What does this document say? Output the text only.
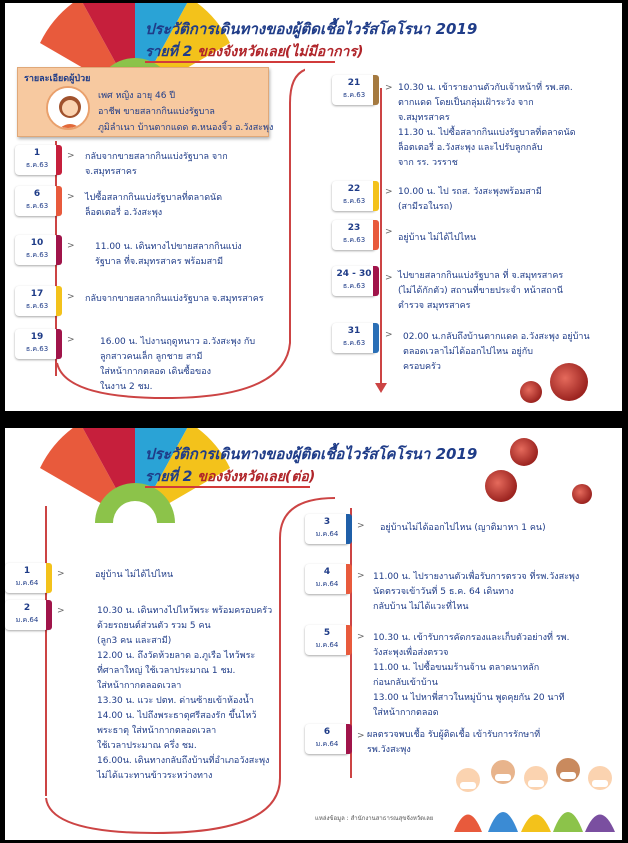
ประวัติการเดินทางของผู้ติดเชื้อไวรัสโคโรนา 2019
รายที่ 2 ของจังหวัดเลย(ไม่มีอาการ)
รายละเอียดผู้ป่วย
เพศ หญิง อายุ 46 ปี
อาชีพ ขายสลากกินแบ่งรัฐบาล
ภูมิลำเนา บ้านตากแดด ต.หนองจิ้ว อ.วังสะพุง
1
ธ.ค.63
> กลับจากขายสลากกินแบ่งรัฐบาล จาก
จ.สมุทรสาคร
6
ธ.ค.63
> ไปซื้อสลากกินแบ่งรัฐบาลที่ตลาดนัด
ล็อตเตอรี่ อ.วังสะพุง
10
ธ.ค.63
> 11.00 น. เดินทางไปขายสลากกินแบ่ง
รัฐบาล ที่จ.สมุทรสาคร พร้อมสามี
17
ธ.ค.63
> กลับจากขายสลากกินแบ่งรัฐบาล จ.สมุทรสาคร
19
ธ.ค.63
>	16.00 น. ไปงานฤดูหนาว อ.วังสะพุง กับ
ลูกสาวคนเล็ก ลูกชาย สามี
ใส่หน้ากากตลอด เดินซื้อของ
ในงาน 2 ชม.
21
ธ.ค.63
> 10.30 น. เข้ารายงานตัวกับเจ้าหน้าที่ รพ.สต.
ตากแดด โดยเป็นกลุ่มเฝ้าระวัง จาก
จ.สมุทรสาคร
11.30 น. ไปซื้อสลากกินแบ่งรัฐบาลที่ตลาดนัด
ล็อตเตอรี่ อ.วังสะพุง และไปรับลูกกลับ
จาก รร. วรราช
22
ธ.ค.63
> 10.00 น. ไป รถส. วังสะพุงพร้อมสามี
(สามีรอในรถ)
23
ธ.ค.63
>
อยู่บ้าน ไม่ได้ไปไหน
24 - 30
ธ.ค.63
> ไปขายสลากกินแบ่งรัฐบาล ที่ จ.สมุทรสาคร
(ไม่ได้กักตัว) สถานที่ขายประจำ หน้าสถานี
ตำรวจ สมุทรสาคร
31
ธ.ค.63
> 02.00 น.กลับถึงบ้านตากแดด อ.วังสะพุง อยู่บ้าน
ตลอดเวลาไม่ได้ออกไปไหน อยู่กับ
ครอบครัว
ประวัติการเดินทางของผู้ติดเชื้อไวรัสโคโรนา 2019
รายที่ 2 ของจังหวัดเลย(ต่อ)
1
ม.ค.64
>	อยู่บ้าน ไม่ได้ไปไหน
2
ม.ค.64
>	10.30 น. เดินทางไปไหว้พระ พร้อมครอบครัว
ด้วยรถยนต์ส่วนตัว รวม 5 คน
(ลูก3 คน และสามี)
12.00 น. ถึงวัดห้วยลาด อ.ภูเรือ ไหว้พระ
ที่ศาลาใหญ่ ใช้เวลาประมาณ 1 ชม.
ใส่หน้ากากตลอดเวลา
13.30 น. แวะ ปตท. ด่านซ้ายเข้าห้องน้ำ
14.00 น. ไปถึงพระธาตุศรีสองรัก ขึ้นไหว้
พระธาตุ ใส่หน้ากากตลอดเวลา
ใช้เวลาประมาณ ครึ่ง ชม.
16.00น. เดินทางกลับถึงบ้านที่อำเภอวังสะพุง
ไม่ได้แวะทานข้าวระหว่างทาง
3
ม.ค.64
> อยู่บ้านไม่ได้ออกไปไหน (ญาติมาหา 1 คน)
4
ม.ค.64
> 11.00 น. ไปรายงานตัวเพื่อรับการตรวจ ที่รพ.วังสะพุง
นัดตรวจเข้าวันที่ 5 ธ.ค. 64 เดินทาง
กลับบ้าน ไม่ได้แวะที่ไหน
5
ม.ค.64
> 10.30 น. เข้ารับการคัดกรองและเก็บตัวอย่างที่ รพ.
วังสะพุงเพื่อส่งตรวจ
11.00 น. ไปซื้อขนมร้านจ้าน ตลาดนาหลัก
ก่อนกลับเข้าบ้าน
13.00 น ไปหาพี่สาวในหมู่บ้าน พูดคุยกัน 20 นาที
ใส่หน้ากากตลอด
6
ม.ค.64
> ผลตรวจพบเชื้อ รับผู้ติดเชื้อ เข้ารับการรักษาที่
รพ.วังสะพุง
แหล่งข้อมูล : สำนักงานสาธารณสุขจังหวัดเลย
